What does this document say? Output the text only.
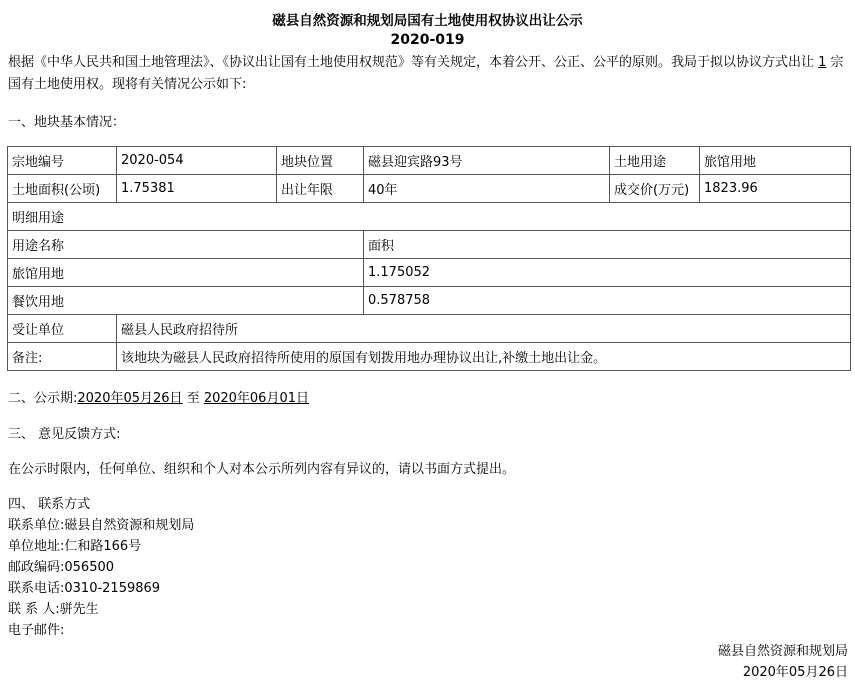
磁县自然资源和规划局国有土地使用权协议出让公示
2020-019
根据《中华人民共和国土地管理法》、《协议出让国有土地使用权规范》等有关规定，本着公开、公正、公平的原则。我局于拟以协议方式出让 1 宗国有土地使用权。现将有关情况公示如下:
一、地块基本情况：
宗地编号	2020-054	地块位置	磁县迎宾路93号	土地用途	旅馆用地
土地面积(公顷)	1.75381	出让年限	40年	成交价(万元)	1823.96
明细用途					
用途名称			面积		
旅馆用地			1.175052		
餐饮用地			0.578758		
受让单位	磁县人民政府招待所				
备注:	该地块为磁县人民政府招待所使用的原国有划拨用地办理协议出让,补缴土地出让金。				
二、公示期:2020年05月26日 至 2020年06月01日
三、 意见反馈方式:
在公示时限内，任何单位、组织和个人对本公示所列内容有异议的，请以书面方式提出。
四、 联系方式
联系单位:磁县自然资源和规划局
单位地址:仁和路166号
邮政编码:056500
联系电话:0310-2159869
联 系 人:骈先生
电子邮件:
磁县自然资源和规划局
2020年05月26日
